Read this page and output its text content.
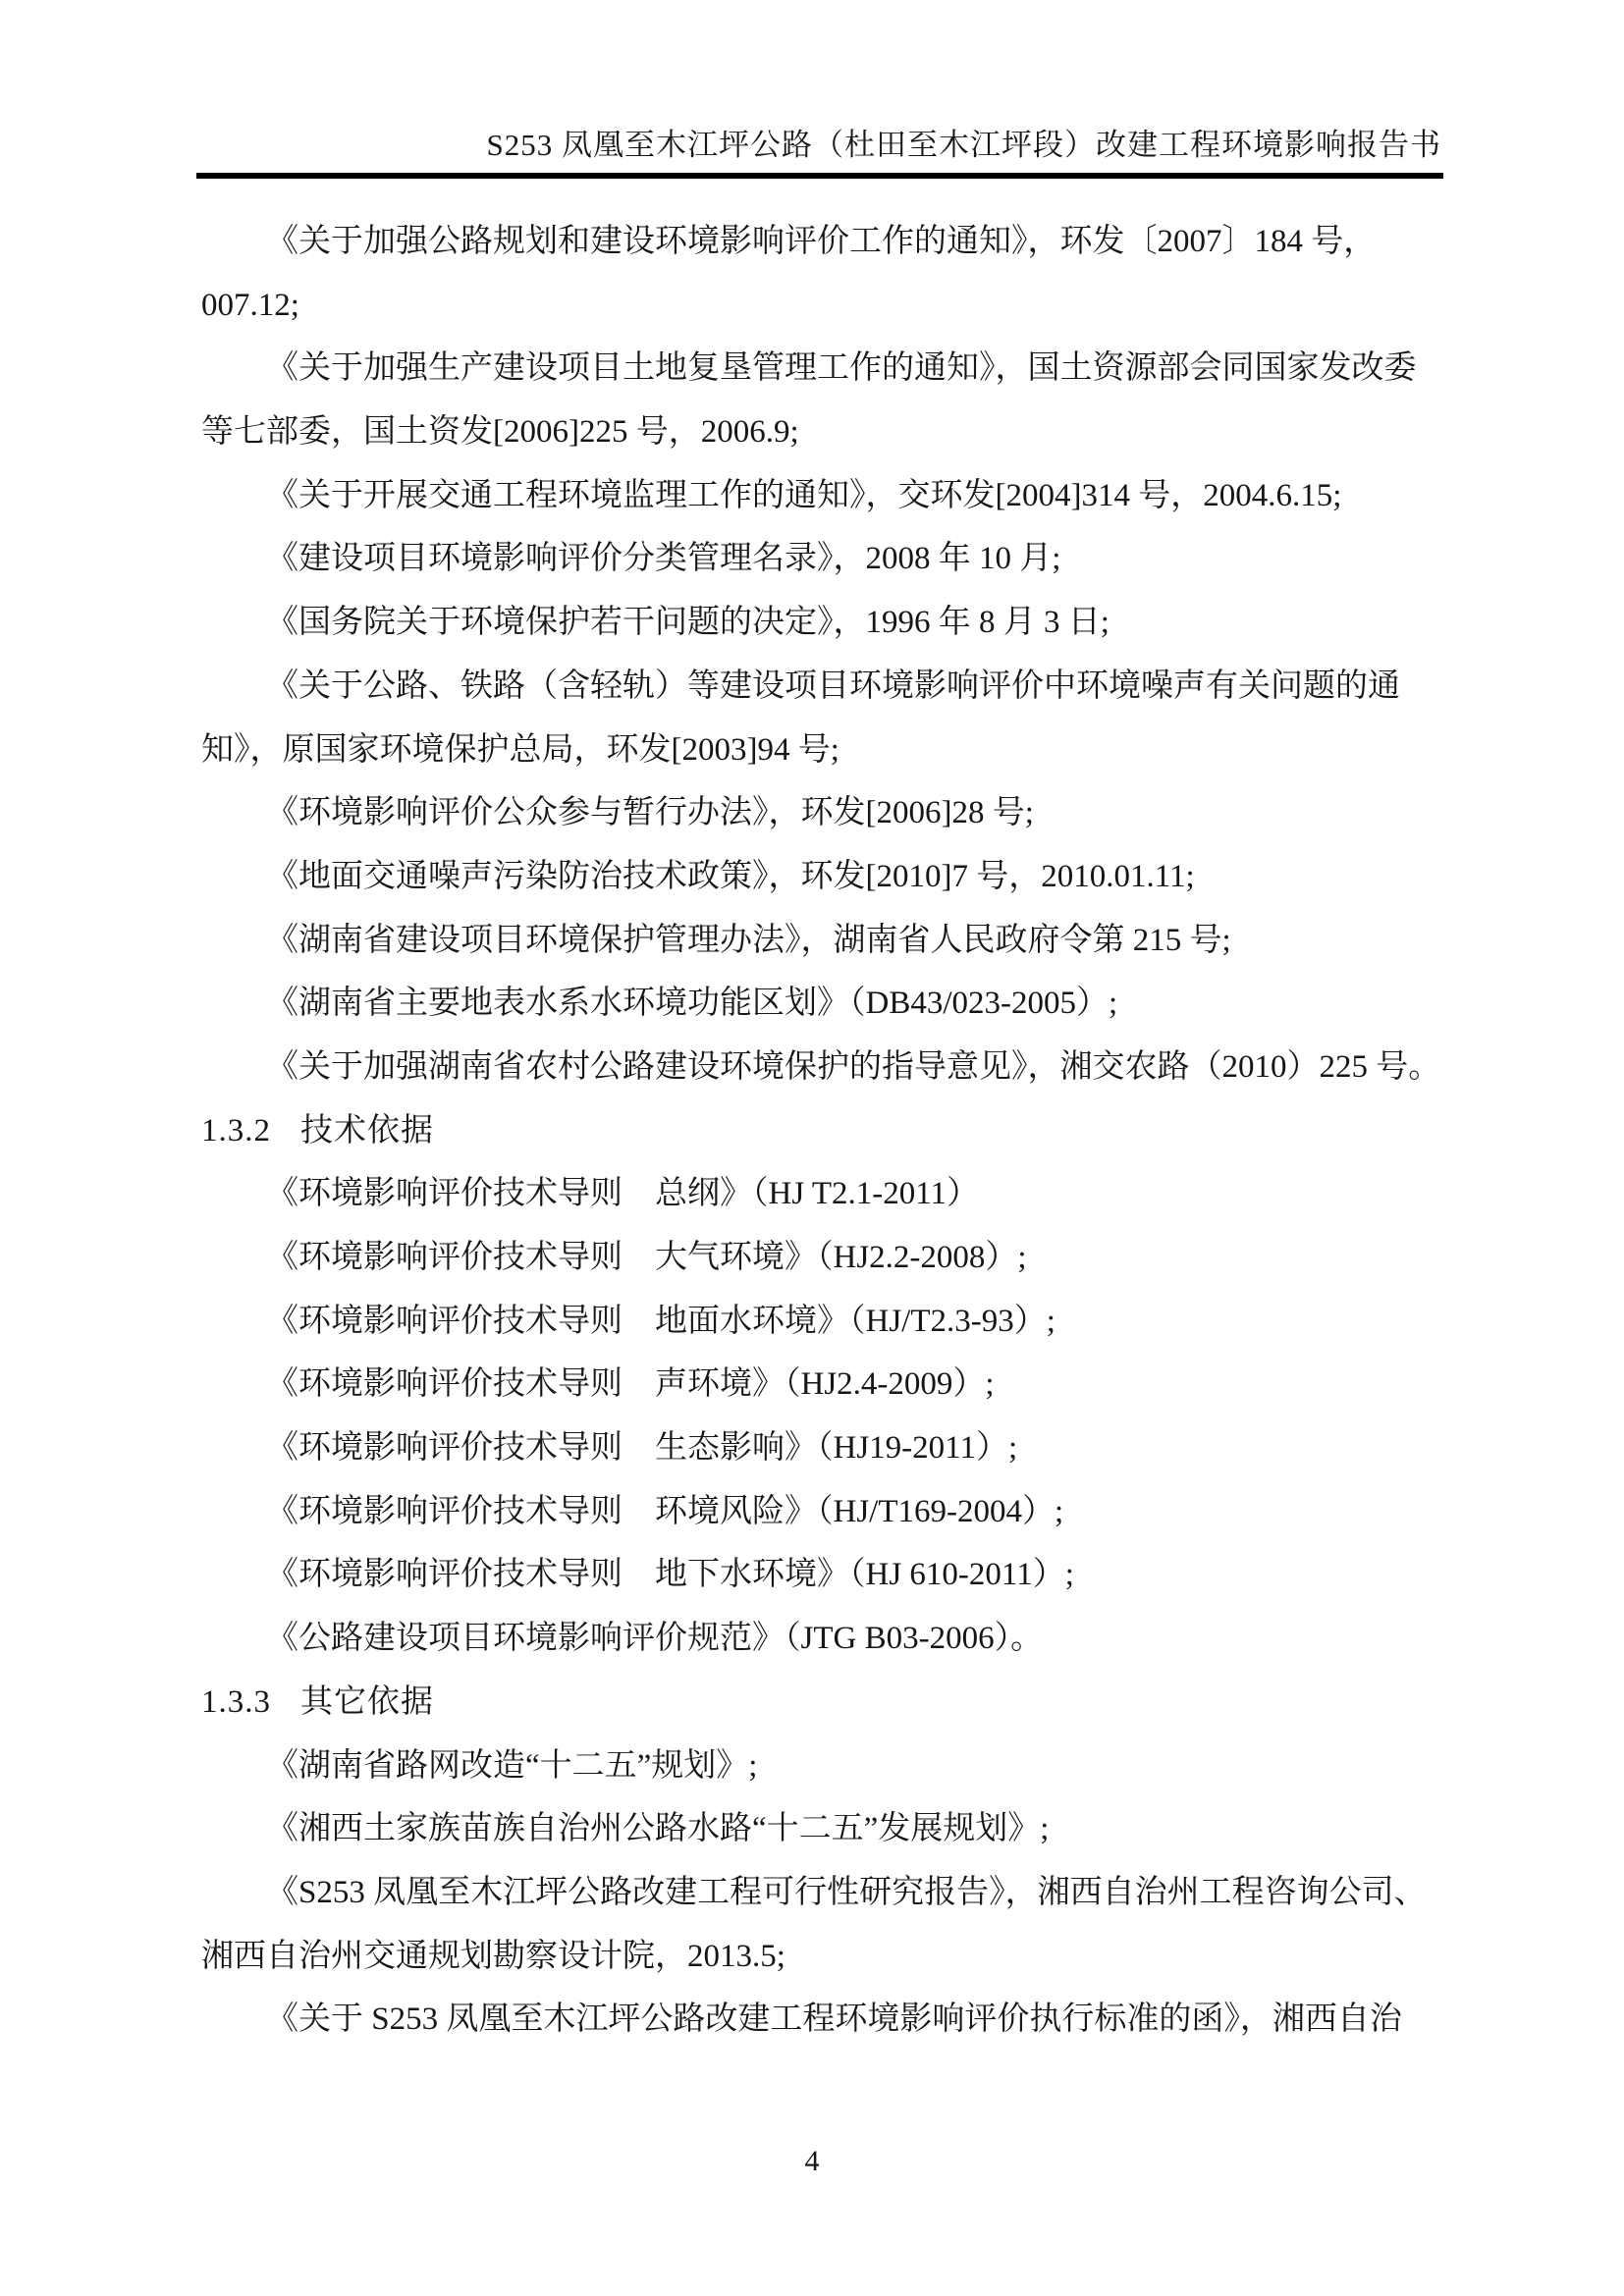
S253 凤凰至木江坪公路（杜田至木江坪段）改建工程环境影响报告书
《关于加强公路规划和建设环境影响评价工作的通知》，环发〔2007〕184 号，
007.12;
《关于加强生产建设项目土地复垦管理工作的通知》，国土资源部会同国家发改委
等七部委，国土资发[2006]225 号，2006.9;
《关于开展交通工程环境监理工作的通知》，交环发[2004]314 号，2004.6.15;
《建设项目环境影响评价分类管理名录》，2008 年 10 月;
《国务院关于环境保护若干问题的决定》，1996 年 8 月 3 日;
《关于公路、铁路（含轻轨）等建设项目环境影响评价中环境噪声有关问题的通
知》，原国家环境保护总局，环发[2003]94 号;
《环境影响评价公众参与暂行办法》，环发[2006]28 号;
《地面交通噪声污染防治技术政策》，环发[2010]7 号，2010.01.11;
《湖南省建设项目环境保护管理办法》，湖南省人民政府令第 215 号;
《湖南省主要地表水系水环境功能区划》（DB43/023-2005）;
《关于加强湖南省农村公路建设环境保护的指导意见》，湘交农路（2010）225 号。
1.3.2 技术依据
《环境影响评价技术导则　总纲》（HJ T2.1-2011）
《环境影响评价技术导则　大气环境》（HJ2.2-2008）;
《环境影响评价技术导则　地面水环境》（HJ/T2.3-93）;
《环境影响评价技术导则　声环境》（HJ2.4-2009）;
《环境影响评价技术导则　生态影响》（HJ19-2011）;
《环境影响评价技术导则　环境风险》（HJ/T169-2004）;
《环境影响评价技术导则　地下水环境》（HJ 610-2011）;
《公路建设项目环境影响评价规范》（JTG B03-2006）。
1.3.3 其它依据
《湖南省路网改造“十二五”规划》;
《湘西土家族苗族自治州公路水路“十二五”发展规划》;
《S253 凤凰至木江坪公路改建工程可行性研究报告》，湘西自治州工程咨询公司、
湘西自治州交通规划勘察设计院，2013.5;
《关于 S253 凤凰至木江坪公路改建工程环境影响评价执行标准的函》，湘西自治
4
